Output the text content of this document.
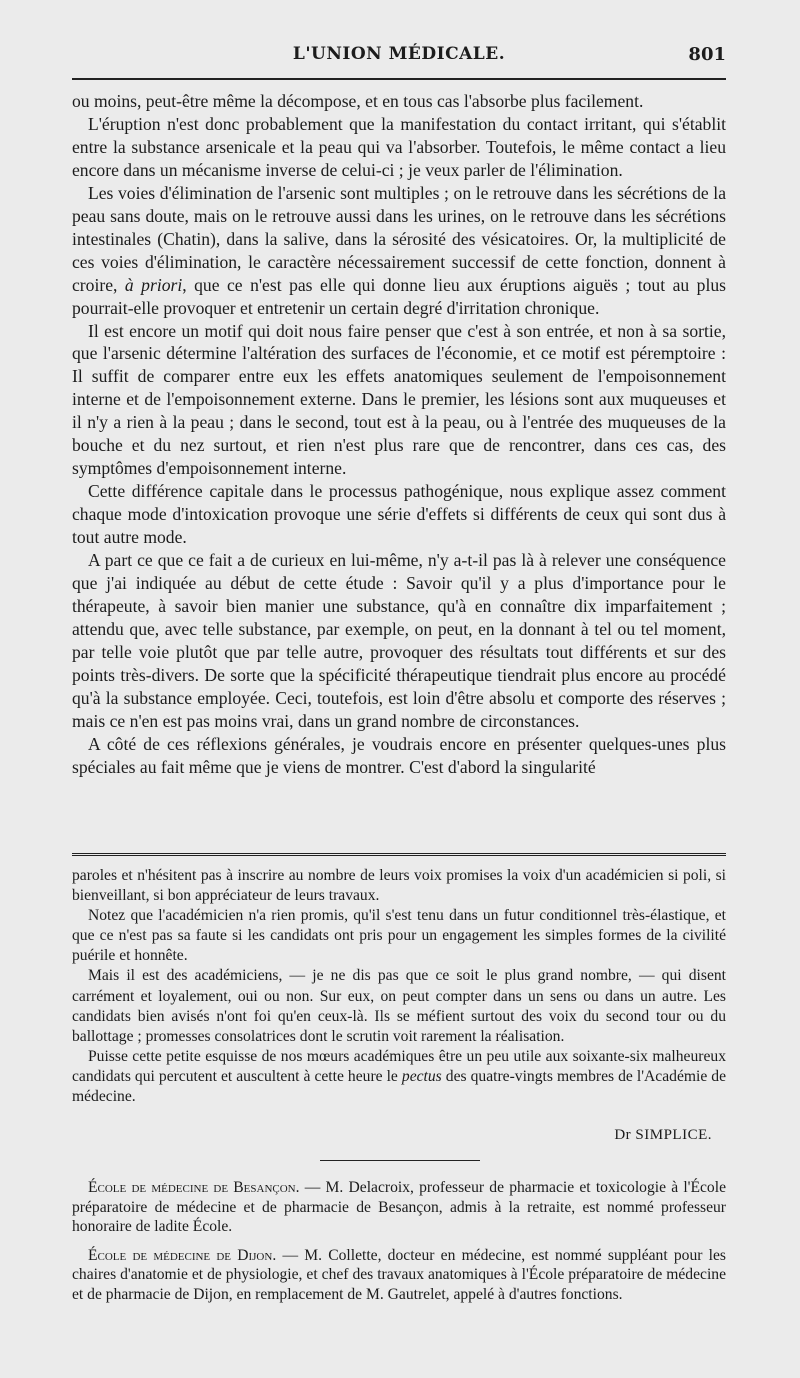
L'UNION MÉDICALE.	801

ou moins, peut-être même la décompose, et en tous cas l'absorbe plus facilement.

L'éruption n'est donc probablement que la manifestation du contact irritant, qui s'établit entre la substance arsenicale et la peau qui va l'absorber. Toutefois, le même contact a lieu encore dans un mécanisme inverse de celui-ci ; je veux parler de l'élimination.

Les voies d'élimination de l'arsenic sont multiples ; on le retrouve dans les sécrétions de la peau sans doute, mais on le retrouve aussi dans les urines, on le retrouve dans les sécrétions intestinales (Chatin), dans la salive, dans la sérosité des vésicatoires. Or, la multiplicité de ces voies d'élimination, le caractère nécessairement successif de cette fonction, donnent à croire, à priori, que ce n'est pas elle qui donne lieu aux éruptions aiguës ; tout au plus pourrait-elle provoquer et entretenir un certain degré d'irritation chronique.

Il est encore un motif qui doit nous faire penser que c'est à son entrée, et non à sa sortie, que l'arsenic détermine l'altération des surfaces de l'économie, et ce motif est péremptoire : Il suffit de comparer entre eux les effets anatomiques seulement de l'empoisonnement interne et de l'empoisonnement externe. Dans le premier, les lésions sont aux muqueuses et il n'y a rien à la peau ; dans le second, tout est à la peau, ou à l'entrée des muqueuses de la bouche et du nez surtout, et rien n'est plus rare que de rencontrer, dans ces cas, des symptômes d'empoisonnement interne.

Cette différence capitale dans le processus pathogénique, nous explique assez comment chaque mode d'intoxication provoque une série d'effets si différents de ceux qui sont dus à tout autre mode.

A part ce que ce fait a de curieux en lui-même, n'y a-t-il pas là à relever une conséquence que j'ai indiquée au début de cette étude : Savoir qu'il y a plus d'importance pour le thérapeute, à savoir bien manier une substance, qu'à en connaître dix imparfaitement ; attendu que, avec telle substance, par exemple, on peut, en la donnant à tel ou tel moment, par telle voie plutôt que par telle autre, provoquer des résultats tout différents et sur des points très-divers. De sorte que la spécificité thérapeutique tiendrait plus encore au procédé qu'à la substance employée. Ceci, toutefois, est loin d'être absolu et comporte des réserves ; mais ce n'en est pas moins vrai, dans un grand nombre de circonstances.

A côté de ces réflexions générales, je voudrais encore en présenter quelques-unes plus spéciales au fait même que je viens de montrer. C'est d'abord la singularité

paroles et n'hésitent pas à inscrire au nombre de leurs voix promises la voix d'un académicien si poli, si bienveillant, si bon appréciateur de leurs travaux.

Notez que l'académicien n'a rien promis, qu'il s'est tenu dans un futur conditionnel très-élastique, et que ce n'est pas sa faute si les candidats ont pris pour un engagement les simples formes de la civilité puérile et honnête.

Mais il est des académiciens, — je ne dis pas que ce soit le plus grand nombre, — qui disent carrément et loyalement, oui ou non. Sur eux, on peut compter dans un sens ou dans un autre. Les candidats bien avisés n'ont foi qu'en ceux-là. Ils se méfient surtout des voix du second tour ou du ballottage ; promesses consolatrices dont le scrutin voit rarement la réalisation.

Puisse cette petite esquisse de nos mœurs académiques être un peu utile aux soixante-six malheureux candidats qui percutent et auscultent à cette heure le pectus des quatre-vingts membres de l'Académie de médecine.

Dr SIMPLICE.

École de médecine de Besançon. — M. Delacroix, professeur de pharmacie et toxicologie à l'École préparatoire de médecine et de pharmacie de Besançon, admis à la retraite, est nommé professeur honoraire de ladite École.

École de médecine de Dijon. — M. Collette, docteur en médecine, est nommé suppléant pour les chaires d'anatomie et de physiologie, et chef des travaux anatomiques à l'École préparatoire de médecine et de pharmacie de Dijon, en remplacement de M. Gautrelet, appelé à d'autres fonctions.
